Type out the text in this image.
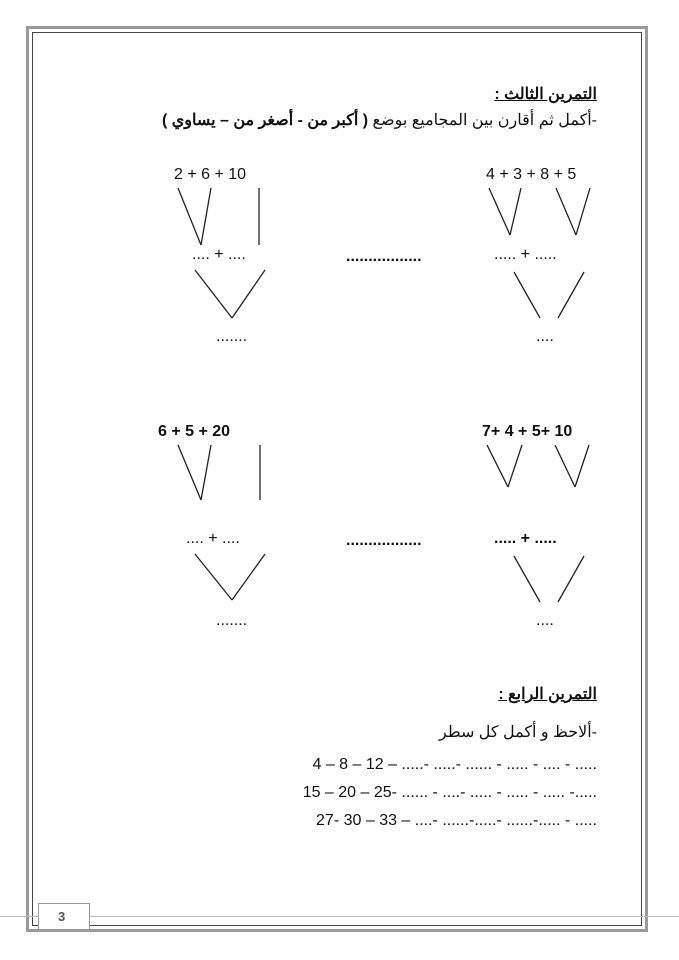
التمرين الثالث :
-أكمل ثم أقارن بين المجاميع بوضع ( أكبر من - أصغر من – يساوي )
4 + 3 + 8 + 5
2 + 6 + 10
..... + .....
.... + ....	.................
....
.......
7+ 4 + 5+ 10
6 + 5 + 20
..... + .....
.... + ....	.................
....
.......
التمرين الرابع :
-ألاحظ و أكمل كل سطر
4 – 8 – 12 – .....- .....- ...... - ..... - .... - .....
15 – 20 – 25- ...... - ....- ..... - ..... - ..... -.....
27- 30 – 33 – ....- ......-.....- ......-..... - .....
3
